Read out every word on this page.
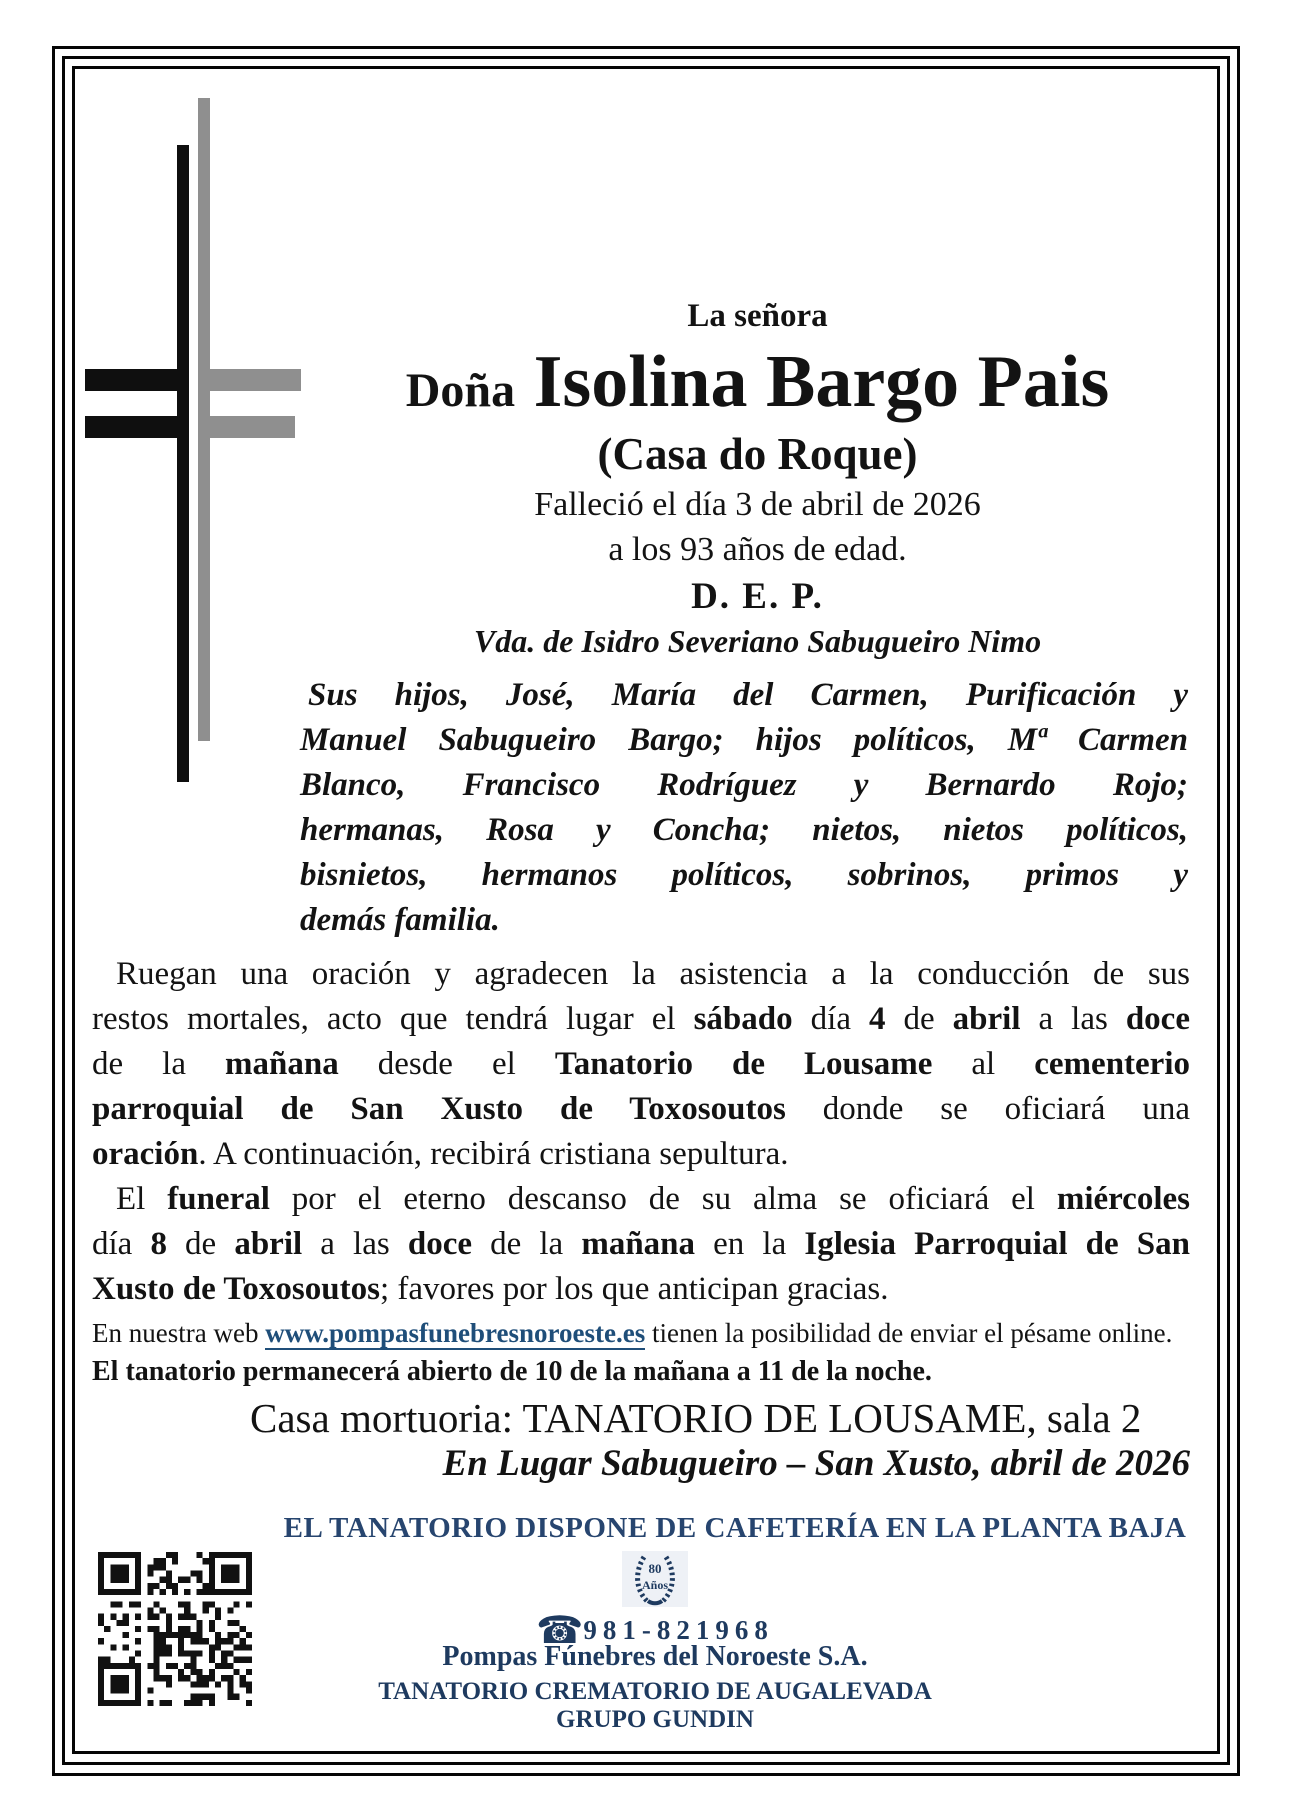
La señora
Doña Isolina Bargo Pais
(Casa do Roque)
Falleció el día 3 de abril de 2026
a los 93 años de edad.
D. E. P.
Vda. de Isidro Severiano Sabugueiro Nimo
Sus hijos, José, María del Carmen, Purificación y
Manuel Sabugueiro Bargo; hijos políticos, Mª Carmen
Blanco, Francisco Rodríguez y Bernardo Rojo;
hermanas, Rosa y Concha; nietos, nietos políticos,
bisnietos, hermanos políticos, sobrinos, primos y
demás familia.
Ruegan una oración y agradecen la asistencia a la conducción de sus
restos mortales, acto que tendrá lugar el sábado día 4 de abril a las doce
de la mañana desde el Tanatorio de Lousame al cementerio
parroquial de San Xusto de Toxosoutos donde se oficiará una
oración. A continuación, recibirá cristiana sepultura.
El funeral por el eterno descanso de su alma se oficiará el miércoles
día 8 de abril a las doce de la mañana en la Iglesia Parroquial de San
Xusto de Toxosoutos; favores por los que anticipan gracias.
En nuestra web www.pompasfunebresnoroeste.es tienen la posibilidad de enviar el pésame online.
El tanatorio permanecerá abierto de 10 de la mañana a 11 de la noche.
Casa mortuoria: TANATORIO DE LOUSAME, sala 2
En Lugar Sabugueiro – San Xusto, abril de 2026
EL TANATORIO DISPONE DE CAFETERÍA EN LA PLANTA BAJA
80
Años
☎981-821968
Pompas Fúnebres del Noroeste S.A.
TANATORIO CREMATORIO DE AUGALEVADA
GRUPO GUNDIN
